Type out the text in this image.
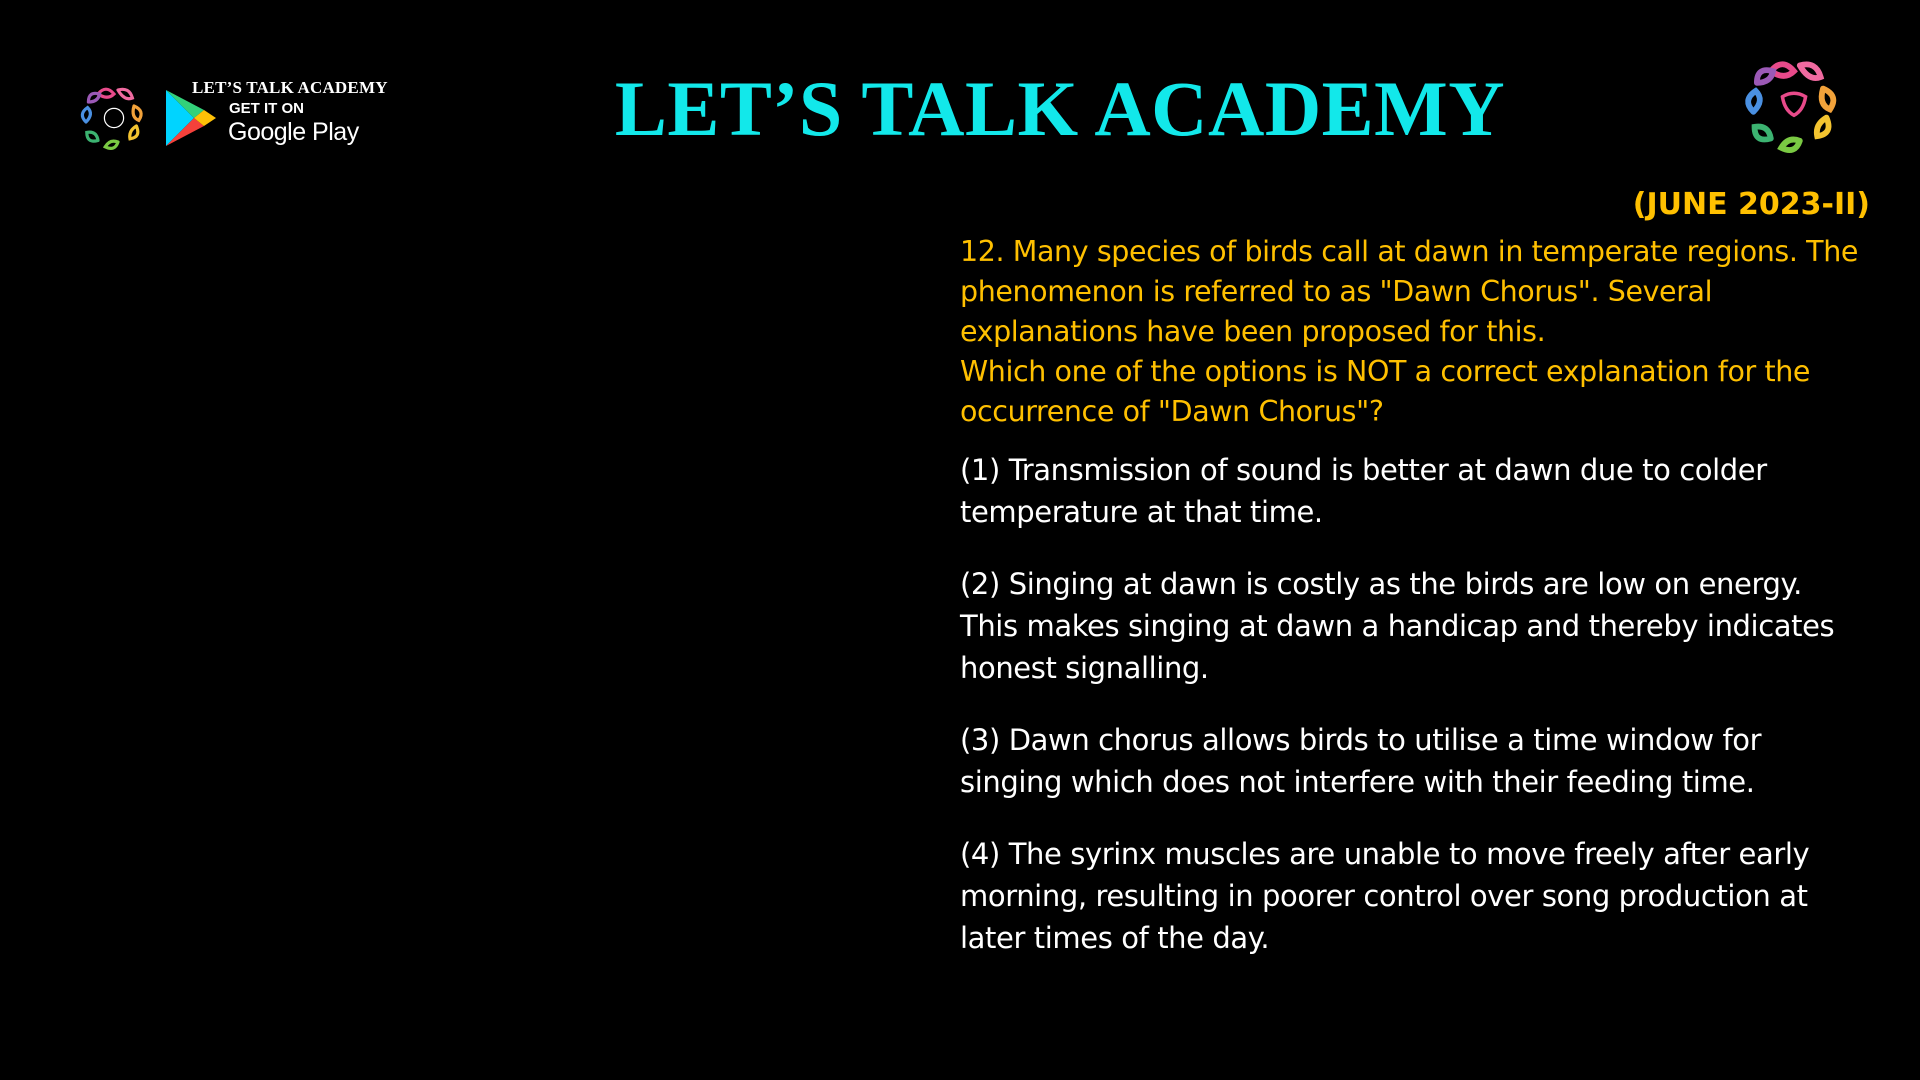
LET’S TALK ACADEMY
GET IT ON
Google Play	LET’S TALK ACADEMY
(JUNE 2023-II)

12. Many species of birds call at dawn in temperate regions. The phenomenon is referred to as "Dawn Chorus". Several explanations have been proposed for this.

Which one of the options is NOT a correct explanation for the occurrence of "Dawn Chorus"?

(1) Transmission of sound is better at dawn due to colder temperature at that time.

(2) Singing at dawn is costly as the birds are low on energy. This makes singing at dawn a handicap and thereby indicates honest signalling.

(3) Dawn chorus allows birds to utilise a time window for singing which does not interfere with their feeding time.

(4) The syrinx muscles are unable to move freely after early morning, resulting in poorer control over song production at later times of the day.
